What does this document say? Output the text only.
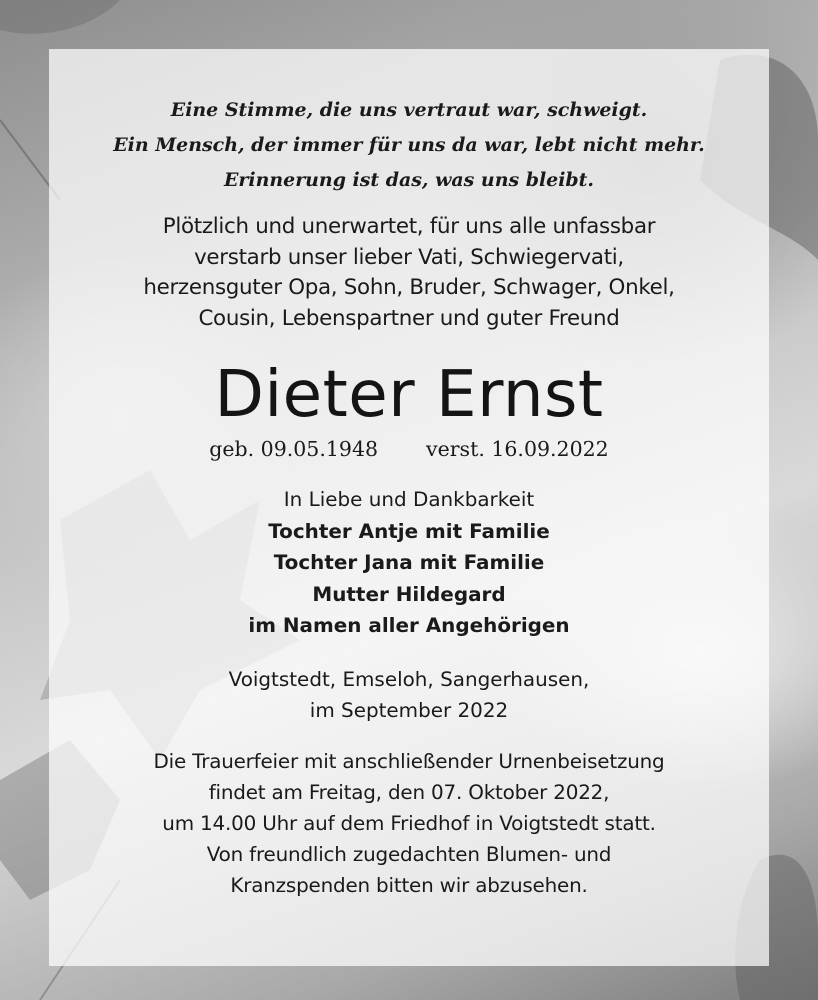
Eine Stimme, die uns vertraut war, schweigt.
Ein Mensch, der immer für uns da war, lebt nicht mehr.
Erinnerung ist das, was uns bleibt.
Plötzlich und unerwartet, für uns alle unfassbar
verstarb unser lieber Vati, Schwiegervati,
herzensguter Opa, Sohn, Bruder, Schwager, Onkel,
Cousin, Lebenspartner und guter Freund
Dieter Ernst
geb. 09.05.1948 verst. 16.09.2022
In Liebe und Dankbarkeit
Tochter Antje mit Familie
Tochter Jana mit Familie
Mutter Hildegard
im Namen aller Angehörigen
Voigtstedt, Emseloh, Sangerhausen,
im September 2022
Die Trauerfeier mit anschließender Urnenbeisetzung
findet am Freitag, den 07. Oktober 2022,
um 14.00 Uhr auf dem Friedhof in Voigtstedt statt.
Von freundlich zugedachten Blumen- und
Kranzspenden bitten wir abzusehen.
